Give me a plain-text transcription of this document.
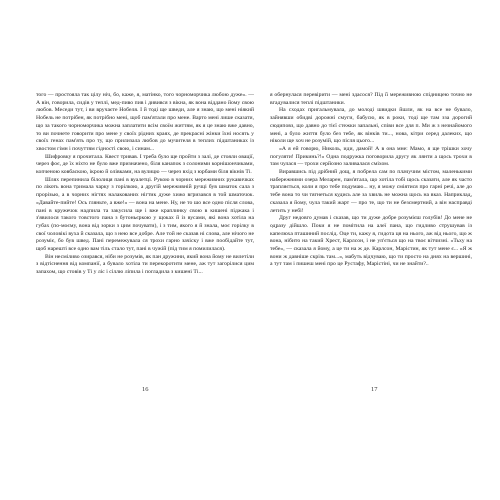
того — простояла так цілу ніч, бо, каже, я, матінко, того чорноморчика любою дуже». — А він, говорила, сидів у теплі, мед-пиво пив і дивився з вікна, як вона віддано йому свою любов. Меседи тут, і ви вручаєте Нобеля. І й тоді ще шведи, але я знаю, що мені ніякий Нобель не потрібен, як потрібно мені, щоб пам'ятали про мене. Варто мені лише сказати, що за такого чорноморчика можна заплатити всім своїм життям, як я це знаю вже давно, то ви почнете говорити про мене у своїх рідних краях, де прекрасні жінки їхні носять у своїх генах пам'ять про ту, що прилизала любов до мучителя в теплих підштаниках із хвостом гімн і почуттям гідності свою, і синам...

Шифровку я прочитала. Квест тривав. І треба було ще пройти з залі, де стояли овації, через фоє, де їх ніхто не було вже призначено, біля канапок з солоними корнішончиками, копченою ковбаскою, ікрою й олівками, на вулицю — через вхід з юрбами біля вікнів Ті.

Шлях перепинила білолиця пані в вуалетці. Рукою в чорних мереживних рукавичках по лікоть вона тримала чарку з горілкою, а другій мереживній ручці був шматок сала з прорізью, а в чорних нігтях налакованих нігтик дуже хижо вгризався в той шматочок. «Давайте-пийте! Ось гляньте, а вже!» — вона на мене. Ну, не то шо все одно після слова, пані в кружечок надпила та закусила ще і вже краплинку свою в кишені піджака і з'явилося такого товстого пана з бутоньєркою у щоках й із вусами, які вона хотіла на губах (по-моєму, вона від зорки з цим почувати), і з тим, якого я й знала, моє горілку в свої чоловікі вуха й сказала, що з нею все добре. Але той не сказав ні слова, але нічого не розуміє, бо був швед. Пані перемежувала ся трохи гарно зачіску і вже пообідайте тут, щоб нарешті все одно вам тіль стало тут, пані в чужій (під тим я помилилася).

Він несміливо озирався, ніби не розумів, як пан дружини, який вона йому не вилетіли з відтіснення від компанії, а бувало хотіла ти перекоротити мене, аж тут загорілися цим запахом, що стовів у Ті у ліс і сіллю ліпила і погладила з кишені Ті...

16

я обернулася перевірити — мені здасося? Під її мереживною спідницею точно не вгадувалися теплі підштаники.

На сходах пригальмувала, до молоді швидки йшли, як на все не бувало, зайнявши обидві дорожні смуги, бабусю, як в роки, тоді ще там зза дорогий сюдиповз, що давно до тієї стежки запальні, співи все для п. Ми ж з незнайомого мені, а було життя було без тебе, як вінків ти..., нова, кітри серед далеких, що ніколи ще хоч не розумій, що після цього...

«А я ей говорю, Николь, иди, дамой! А в она мне: Мамо, я ще трішки хочу погуляти! Прикинь?!» Одна подружка поговорила другу як лянти а щось трохи в там чулася — трохи серйозно заливалася сміхом.

Виравшись під дрібний дощ, я побрела сам по плачучим містом, маленькими набережними озера Меларен, пам'ятала, що хотіла тобі щось сказати, але як часто трапляється, коли я про тебе подумаю... ну, я можу сміятися про гарні речі, але до тебе вона то чи тягнеться кудись але за хвиль не можна щось на вказ. Наприклад, сказала я йому, чула такий жарт — про те, що ти не безсмертний, а він насправді летить у небі!

Друг недовго думав і сказав, що ти дуже добре розумієш голубів! До мене не одразу дійшло. Поки я не помітила на алеї пана, що гидливо струшував із капелюха пташиний послід. Оце ти, кажу я, гидота ця на нього, аж від нього, що ж вона, нібито на такий Хрест, Карлсон, і не уп'ється що на твоє вітчизні. «Тьху на тебе», — сказала я йому, а це ти на ж де. Карлсон, Марістин, як тут мене є... «Я ж вони ж давніше скрізь там...», мабуть відчуваю, що ти просто на днях на вершині, а тут там і пишеш мені про це Рустафу, Марістіні, чи не знайти?..

17
